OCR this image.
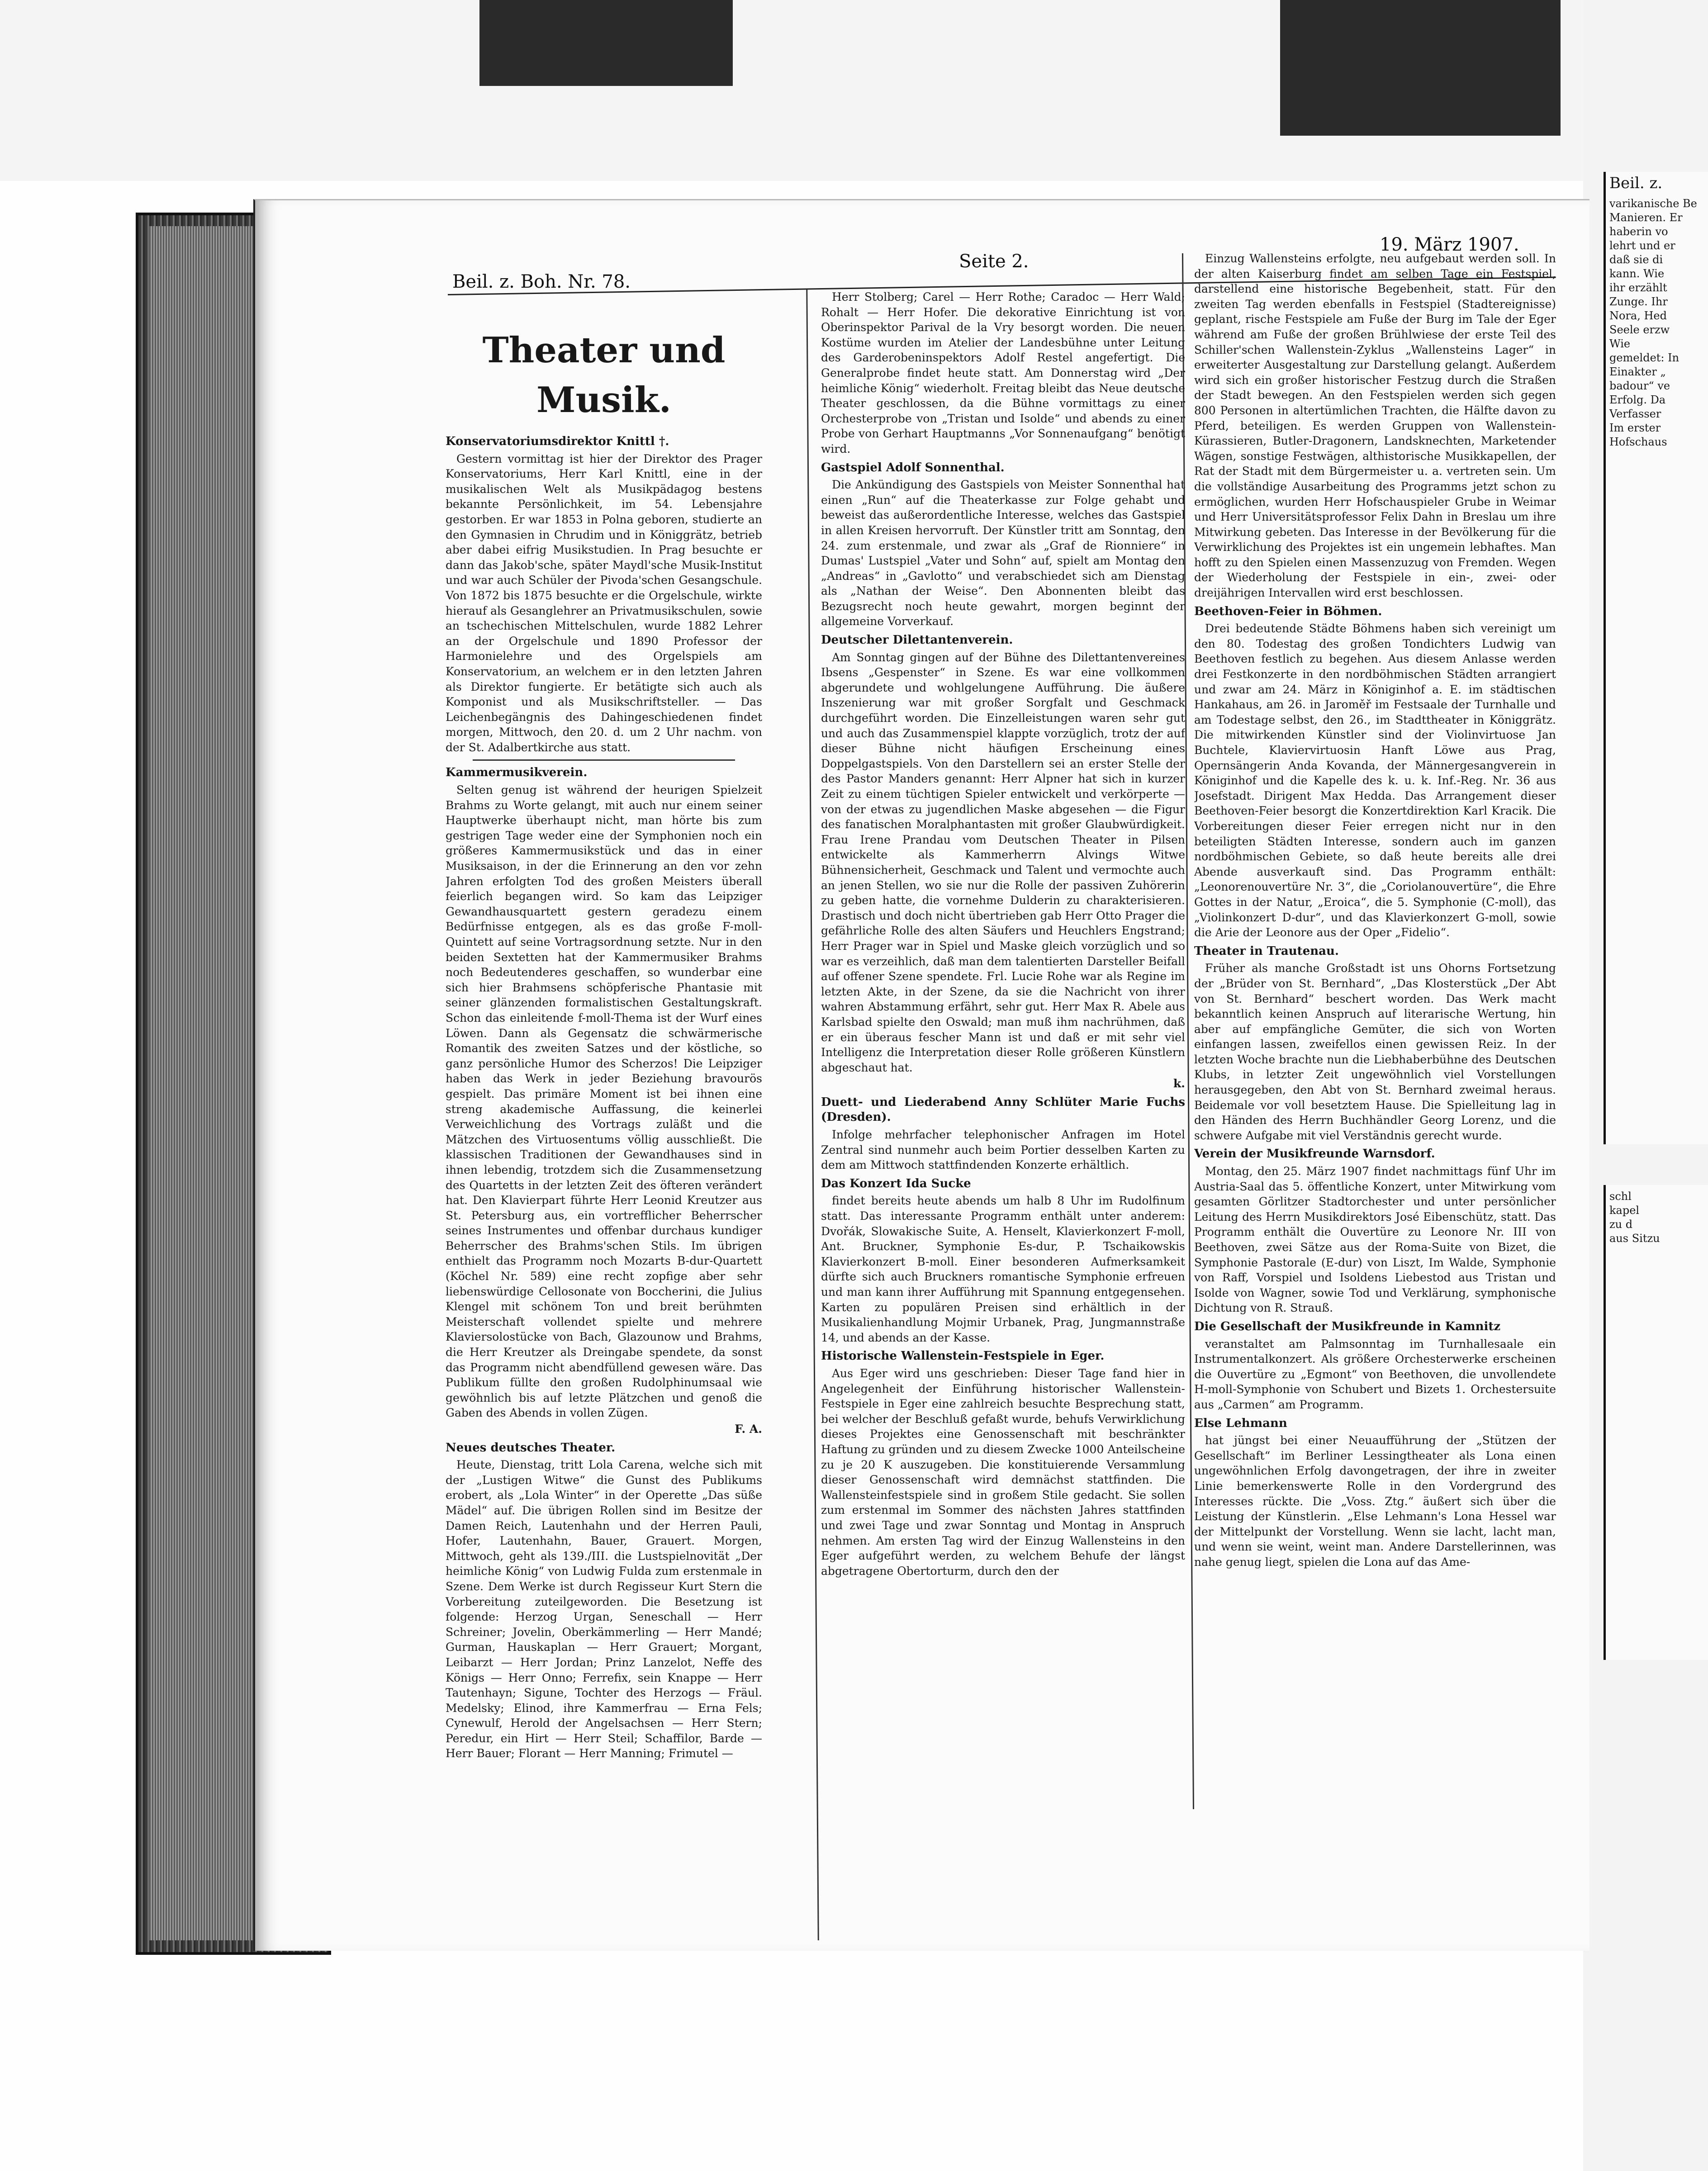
Beil. z. Boh. Nr. 78.
Seite 2.
19. März 1907.
Theater und Musik.
Konservatoriumsdirektor Knittl †.

Gestern vormittag ist hier der Direktor des Prager Konservatoriums, Herr Karl Knittl, eine in der musikalischen Welt als Musikpädagog bestens bekannte Persönlichkeit, im 54. Lebensjahre gestorben. Er war 1853 in Polna geboren, studierte an den Gymnasien in Chrudim und in Königgrätz, betrieb aber dabei eifrig Musikstudien. In Prag besuchte er dann das Jakob'sche, später Maydl'sche Musik-Institut und war auch Schüler der Pivoda'schen Gesangschule. Von 1872 bis 1875 besuchte er die Orgelschule, wirkte hierauf als Gesanglehrer an Privatmusikschulen, sowie an tschechischen Mittelschulen, wurde 1882 Lehrer an der Orgelschule und 1890 Professor der Harmonielehre und des Orgelspiels am Konservatorium, an welchem er in den letzten Jahren als Direktor fungierte. Er betätigte sich auch als Komponist und als Musikschriftsteller. — Das Leichenbegängnis des Dahingeschiedenen findet morgen, Mittwoch, den 20. d. um 2 Uhr nachm. von der St. Adalbertkirche aus statt.

Kammermusikverein.

Selten genug ist während der heurigen Spielzeit Brahms zu Worte gelangt, mit auch nur einem seiner Hauptwerke überhaupt nicht, man hörte bis zum gestrigen Tage weder eine der Symphonien noch ein größeres Kammermusikstück und das in einer Musiksaison, in der die Erinnerung an den vor zehn Jahren erfolgten Tod des großen Meisters überall feierlich begangen wird. So kam das Leipziger Gewandhausquartett gestern geradezu einem Bedürfnisse entgegen, als es das große F-moll-Quintett auf seine Vortragsordnung setzte. Nur in den beiden Sextetten hat der Kammermusiker Brahms noch Bedeutenderes geschaffen, so wunderbar eine sich hier Brahmsens schöpferische Phantasie mit seiner glänzenden formalistischen Gestaltungskraft. Schon das einleitende f-moll-Thema ist der Wurf eines Löwen. Dann als Gegensatz die schwärmerische Romantik des zweiten Satzes und der köstliche, so ganz persönliche Humor des Scherzos! Die Leipziger haben das Werk in jeder Beziehung bravourös gespielt. Das primäre Moment ist bei ihnen eine streng akademische Auffassung, die keinerlei Verweichlichung des Vortrags zuläßt und die Mätzchen des Virtuosentums völlig ausschließt. Die klassischen Traditionen der Gewandhauses sind in ihnen lebendig, trotzdem sich die Zusammensetzung des Quartetts in der letzten Zeit des öfteren verändert hat. Den Klavierpart führte Herr Leonid Kreutzer aus St. Petersburg aus, ein vortrefflicher Beherrscher seines Instrumentes und offenbar durchaus kundiger Beherrscher des Brahms'schen Stils. Im übrigen enthielt das Programm noch Mozarts B-dur-Quartett (Köchel Nr. 589) eine recht zopfige aber sehr liebenswürdige Cellosonate von Boccherini, die Julius Klengel mit schönem Ton und breit berühmten Meisterschaft vollendet spielte und mehrere Klaviersolostücke von Bach, Glazounow und Brahms, die Herr Kreutzer als Dreingabe spendete, da sonst das Programm nicht abendfüllend gewesen wäre. Das Publikum füllte den großen Rudolphinumsaal wie gewöhnlich bis auf letzte Plätzchen und genoß die Gaben des Abends in vollen Zügen.

F. A.
Neues deutsches Theater.

Heute, Dienstag, tritt Lola Carena, welche sich mit der „Lustigen Witwe“ die Gunst des Publikums erobert, als „Lola Winter“ in der Operette „Das süße Mädel“ auf. Die übrigen Rollen sind im Besitze der Damen Reich, Lautenhahn und der Herren Pauli, Hofer, Lautenhahn, Bauer, Grauert. Morgen, Mittwoch, geht als 139./III. die Lustspielnovität „Der heimliche König“ von Ludwig Fulda zum erstenmale in Szene. Dem Werke ist durch Regisseur Kurt Stern die Vorbereitung zuteilgeworden. Die Besetzung ist folgende: Herzog Urgan, Seneschall — Herr Schreiner; Jovelin, Oberkämmerling — Herr Mandé; Gurman, Hauskaplan — Herr Grauert; Morgant, Leibarzt — Herr Jordan; Prinz Lanzelot, Neffe des Königs — Herr Onno; Ferrefix, sein Knappe — Herr Tautenhayn; Sigune, Tochter des Herzogs — Fräul. Medelsky; Elinod, ihre Kammerfrau — Erna Fels; Cynewulf, Herold der Angelsachsen — Herr Stern; Peredur, ein Hirt — Herr Steil; Schaffilor, Barde — Herr Bauer; Florant — Herr Manning; Frimutel —

Herr Stolberg; Carel — Herr Rothe; Caradoc — Herr Wald; Rohalt — Herr Hofer. Die dekorative Einrichtung ist von Oberinspektor Parival de la Vry besorgt worden. Die neuen Kostüme wurden im Atelier der Landesbühne unter Leitung des Garderobeninspektors Adolf Restel angefertigt. Die Generalprobe findet heute statt. Am Donnerstag wird „Der heimliche König“ wiederholt. Freitag bleibt das Neue deutsche Theater geschlossen, da die Bühne vormittags zu einer Orchesterprobe von „Tristan und Isolde“ und abends zu einer Probe von Gerhart Hauptmanns „Vor Sonnenaufgang“ benötigt wird.

Gastspiel Adolf Sonnenthal.

Die Ankündigung des Gastspiels von Meister Sonnenthal hat einen „Run“ auf die Theaterkasse zur Folge gehabt und beweist das außerordentliche Interesse, welches das Gastspiel in allen Kreisen hervorruft. Der Künstler tritt am Sonntag, den 24. zum erstenmale, und zwar als „Graf de Rionniere“ in Dumas' Lustspiel „Vater und Sohn“ auf, spielt am Montag den „Andreas“ in „Gavlotto“ und verabschiedet sich am Dienstag als „Nathan der Weise“. Den Abonnenten bleibt das Bezugsrecht noch heute gewahrt, morgen beginnt der allgemeine Vorverkauf.

Deutscher Dilettantenverein.

Am Sonntag gingen auf der Bühne des Dilettantenvereines Ibsens „Gespenster“ in Szene. Es war eine vollkommen abgerundete und wohlgelungene Aufführung. Die äußere Inszenierung war mit großer Sorgfalt und Geschmack durchgeführt worden. Die Einzelleistungen waren sehr gut und auch das Zusammenspiel klappte vorzüglich, trotz der auf dieser Bühne nicht häufigen Erscheinung eines Doppelgastspiels. Von den Darstellern sei an erster Stelle der des Pastor Manders genannt: Herr Alpner hat sich in kurzer Zeit zu einem tüchtigen Spieler entwickelt und verkörperte — von der etwas zu jugendlichen Maske abgesehen — die Figur des fanatischen Moralphantasten mit großer Glaubwürdigkeit. Frau Irene Prandau vom Deutschen Theater in Pilsen entwickelte als Kammerherrn Alvings Witwe Bühnensicherheit, Geschmack und Talent und vermochte auch an jenen Stellen, wo sie nur die Rolle der passiven Zuhörerin zu geben hatte, die vornehme Dulderin zu charakterisieren. Drastisch und doch nicht übertrieben gab Herr Otto Prager die gefährliche Rolle des alten Säufers und Heuchlers Engstrand; Herr Prager war in Spiel und Maske gleich vorzüglich und so war es verzeihlich, daß man dem talentierten Darsteller Beifall auf offener Szene spendete. Frl. Lucie Rohe war als Regine im letzten Akte, in der Szene, da sie die Nachricht von ihrer wahren Abstammung erfährt, sehr gut. Herr Max R. Abele aus Karlsbad spielte den Oswald; man muß ihm nachrühmen, daß er ein überaus fescher Mann ist und daß er mit sehr viel Intelligenz die Interpretation dieser Rolle größeren Künstlern abgeschaut hat.

k.
Duett- und Liederabend Anny Schlüter Marie Fuchs (Dresden).

Infolge mehrfacher telephonischer Anfragen im Hotel Zentral sind nunmehr auch beim Portier desselben Karten zu dem am Mittwoch stattfindenden Konzerte erhältlich.

Das Konzert Ida Sucke

findet bereits heute abends um halb 8 Uhr im Rudolfinum statt. Das interessante Programm enthält unter anderem: Dvořák, Slowakische Suite, A. Henselt, Klavierkonzert F-moll, Ant. Bruckner, Symphonie Es-dur, P. Tschaikowskis Klavierkonzert B-moll. Einer besonderen Aufmerksamkeit dürfte sich auch Bruckners romantische Symphonie erfreuen und man kann ihrer Aufführung mit Spannung entgegensehen. Karten zu populären Preisen sind erhältlich in der Musikalienhandlung Mojmir Urbanek, Prag, Jungmannstraße 14, und abends an der Kasse.

Historische Wallenstein-Festspiele in Eger.

Aus Eger wird uns geschrieben: Dieser Tage fand hier in Angelegenheit der Einführung historischer Wallenstein-Festspiele in Eger eine zahlreich besuchte Besprechung statt, bei welcher der Beschluß gefaßt wurde, behufs Verwirklichung dieses Projektes eine Genossenschaft mit beschränkter Haftung zu gründen und zu diesem Zwecke 1000 Anteilscheine zu je 20 K auszugeben. Die konstituierende Versammlung dieser Genossenschaft wird demnächst stattfinden. Die Wallensteinfestspiele sind in großem Stile gedacht. Sie sollen zum erstenmal im Sommer des nächsten Jahres stattfinden und zwei Tage und zwar Sonntag und Montag in Anspruch nehmen. Am ersten Tag wird der Einzug Wallensteins in den Eger aufgeführt werden, zu welchem Behufe der längst abgetragene Obertorturm, durch den der

Einzug Wallensteins erfolgte, neu aufgebaut werden soll. In der alten Kaiserburg findet am selben Tage ein Festspiel, darstellend eine historische Begebenheit, statt. Für den zweiten Tag werden ebenfalls in Festspiel (Stadtereignisse) geplant, rische Festspiele am Fuße der Burg im Tale der Eger während am Fuße der großen Brühlwiese der erste Teil des Schiller'schen Wallenstein-Zyklus „Wallensteins Lager“ in erweiterter Ausgestaltung zur Darstellung gelangt. Außerdem wird sich ein großer historischer Festzug durch die Straßen der Stadt bewegen. An den Festspielen werden sich gegen 800 Personen in altertümlichen Trachten, die Hälfte davon zu Pferd, beteiligen. Es werden Gruppen von Wallenstein-Kürassieren, Butler-Dragonern, Landsknechten, Marketender Wägen, sonstige Festwägen, althistorische Musikkapellen, der Rat der Stadt mit dem Bürgermeister u. a. vertreten sein. Um die vollständige Ausarbeitung des Programms jetzt schon zu ermöglichen, wurden Herr Hofschauspieler Grube in Weimar und Herr Universitätsprofessor Felix Dahn in Breslau um ihre Mitwirkung gebeten. Das Interesse in der Bevölkerung für die Verwirklichung des Projektes ist ein ungemein lebhaftes. Man hofft zu den Spielen einen Massenzuzug von Fremden. Wegen der Wiederholung der Festspiele in ein-, zwei- oder dreijährigen Intervallen wird erst beschlossen.

Beethoven-Feier in Böhmen.

Drei bedeutende Städte Böhmens haben sich vereinigt um den 80. Todestag des großen Tondichters Ludwig van Beethoven festlich zu begehen. Aus diesem Anlasse werden drei Festkonzerte in den nordböhmischen Städten arrangiert und zwar am 24. März in Königinhof a. E. im städtischen Hankahaus, am 26. in Jaroměř im Festsaale der Turnhalle und am Todestage selbst, den 26., im Stadttheater in Königgrätz. Die mitwirkenden Künstler sind der Violinvirtuose Jan Buchtele, Klaviervirtuosin Hanft Löwe aus Prag, Opernsängerin Anda Kovanda, der Männergesangverein in Königinhof und die Kapelle des k. u. k. Inf.-Reg. Nr. 36 aus Josefstadt. Dirigent Max Hedda. Das Arrangement dieser Beethoven-Feier besorgt die Konzertdirektion Karl Kracik. Die Vorbereitungen dieser Feier erregen nicht nur in den beteiligten Städten Interesse, sondern auch im ganzen nordböhmischen Gebiete, so daß heute bereits alle drei Abende ausverkauft sind. Das Programm enthält: „Leonorenouvertüre Nr. 3“, die „Coriolanouvertüre“, die Ehre Gottes in der Natur, „Eroica“, die 5. Symphonie (C-moll), das „Violinkonzert D-dur“, und das Klavierkonzert G-moll, sowie die Arie der Leonore aus der Oper „Fidelio“.

Theater in Trautenau.

Früher als manche Großstadt ist uns Ohorns Fortsetzung der „Brüder von St. Bernhard“, „Das Klosterstück „Der Abt von St. Bernhard“ beschert worden. Das Werk macht bekanntlich keinen Anspruch auf literarische Wertung, hin aber auf empfängliche Gemüter, die sich von Worten einfangen lassen, zweifellos einen gewissen Reiz. In der letzten Woche brachte nun die Liebhaberbühne des Deutschen Klubs, in letzter Zeit ungewöhnlich viel Vorstellungen herausgegeben, den Abt von St. Bernhard zweimal heraus. Beidemale vor voll besetztem Hause. Die Spielleitung lag in den Händen des Herrn Buchhändler Georg Lorenz, und die schwere Aufgabe mit viel Verständnis gerecht wurde.

Verein der Musikfreunde Warnsdorf.

Montag, den 25. März 1907 findet nachmittags fünf Uhr im Austria-Saal das 5. öffentliche Konzert, unter Mitwirkung vom gesamten Görlitzer Stadtorchester und unter persönlicher Leitung des Herrn Musikdirektors José Eibenschütz, statt. Das Programm enthält die Ouvertüre zu Leonore Nr. III von Beethoven, zwei Sätze aus der Roma-Suite von Bizet, die Symphonie Pastorale (E-dur) von Liszt, Im Walde, Symphonie von Raff, Vorspiel und Isoldens Liebestod aus Tristan und Isolde von Wagner, sowie Tod und Verklärung, symphonische Dichtung von R. Strauß.

Die Gesellschaft der Musikfreunde in Kamnitz

veranstaltet am Palmsonntag im Turnhallesaale ein Instrumentalkonzert. Als größere Orchesterwerke erscheinen die Ouvertüre zu „Egmont“ von Beethoven, die unvollendete H-moll-Symphonie von Schubert und Bizets 1. Orchestersuite aus „Carmen“ am Programm.

Else Lehmann

hat jüngst bei einer Neuaufführung der „Stützen der Gesellschaft“ im Berliner Lessingtheater als Lona einen ungewöhnlichen Erfolg davongetragen, der ihre in zweiter Linie bemerkenswerte Rolle in den Vordergrund des Interesses rückte. Die „Voss. Ztg.“ äußert sich über die Leistung der Künstlerin. „Else Lehmann's Lona Hessel war der Mittelpunkt der Vorstellung. Wenn sie lacht, lacht man, und wenn sie weint, weint man. Andere Darstellerinnen, was nahe genug liegt, spielen die Lona auf das Ame-

Beil. z.
varikanische Be
Manieren. Er
haberin vo
lehrt und er
daß sie di
kann. Wie
ihr erzählt
Zunge. Ihr
Nora, Hed
Seele erzw
Wie
gemeldet: In
Einakter „
badour“ ve
Erfolg. Da
Verfasser
Im erster
Hofschaus
schl
kapel
zu d
aus Sitzu
